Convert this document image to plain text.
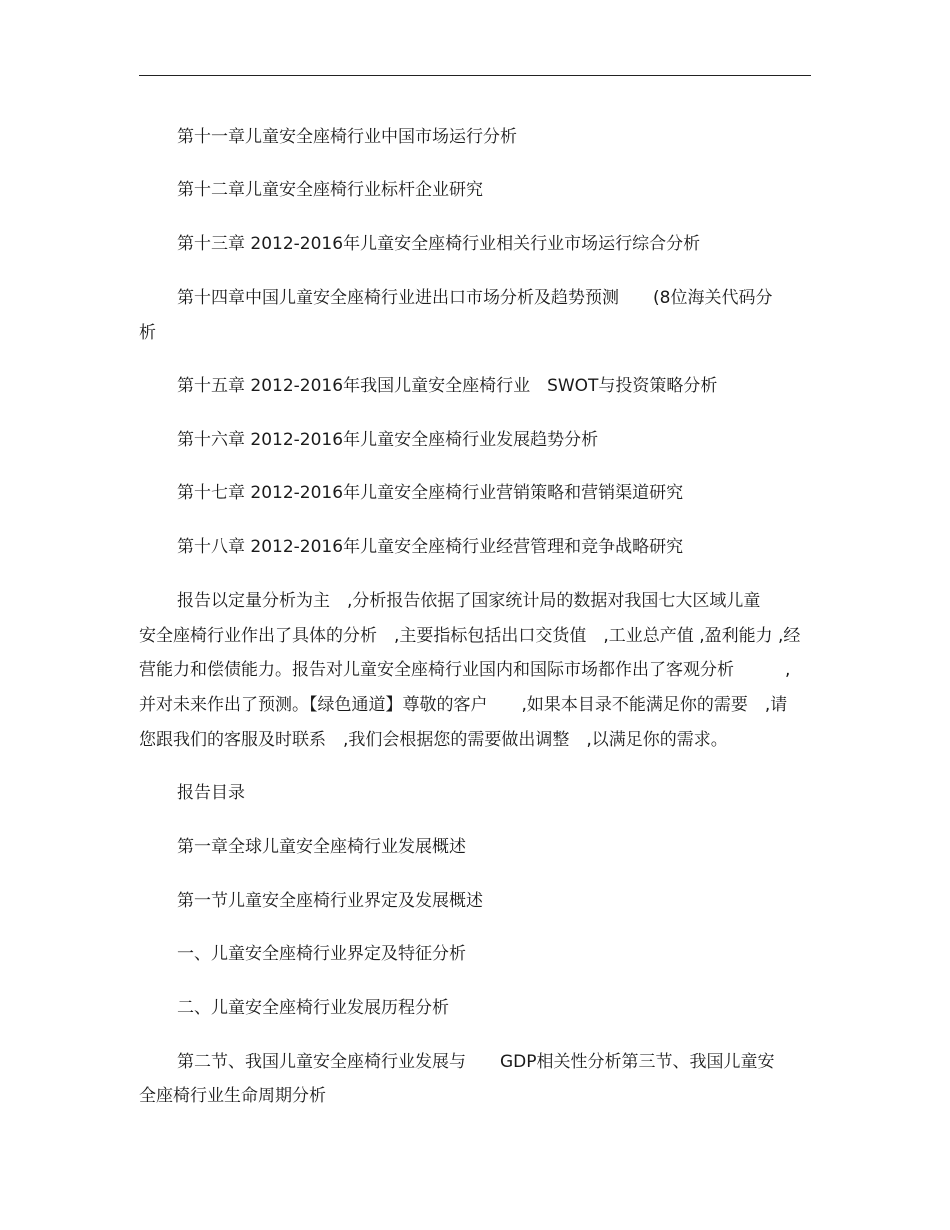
第十一章儿童安全座椅行业中国市场运行分析
第十二章儿童安全座椅行业标杆企业研究
第十三章 2012-2016年儿童安全座椅行业相关行业市场运行综合分析
第十四章中国儿童安全座椅行业进出口市场分析及趋势预测　　(8位海关代码分
析
第十五章 2012-2016年我国儿童安全座椅行业　SWOT与投资策略分析
第十六章 2012-2016年儿童安全座椅行业发展趋势分析
第十七章 2012-2016年儿童安全座椅行业营销策略和营销渠道研究
第十八章 2012-2016年儿童安全座椅行业经营管理和竞争战略研究
报告以定量分析为主　,分析报告依据了国家统计局的数据对我国七大区域儿童
安全座椅行业作出了具体的分析　,主要指标包括出口交货值　,工业总产值 ,盈利能力 ,经
营能力和偿债能力。报告对儿童安全座椅行业国内和国际市场都作出了客观分析　　　,
并对未来作出了预测。【绿色通道】尊敬的客户　　,如果本目录不能满足你的需要　,请
您跟我们的客服及时联系　,我们会根据您的需要做出调整　,以满足你的需求。
报告目录
第一章全球儿童安全座椅行业发展概述
第一节儿童安全座椅行业界定及发展概述
一、儿童安全座椅行业界定及特征分析
二、儿童安全座椅行业发展历程分析
第二节、我国儿童安全座椅行业发展与　　GDP相关性分析第三节、我国儿童安
全座椅行业生命周期分析
